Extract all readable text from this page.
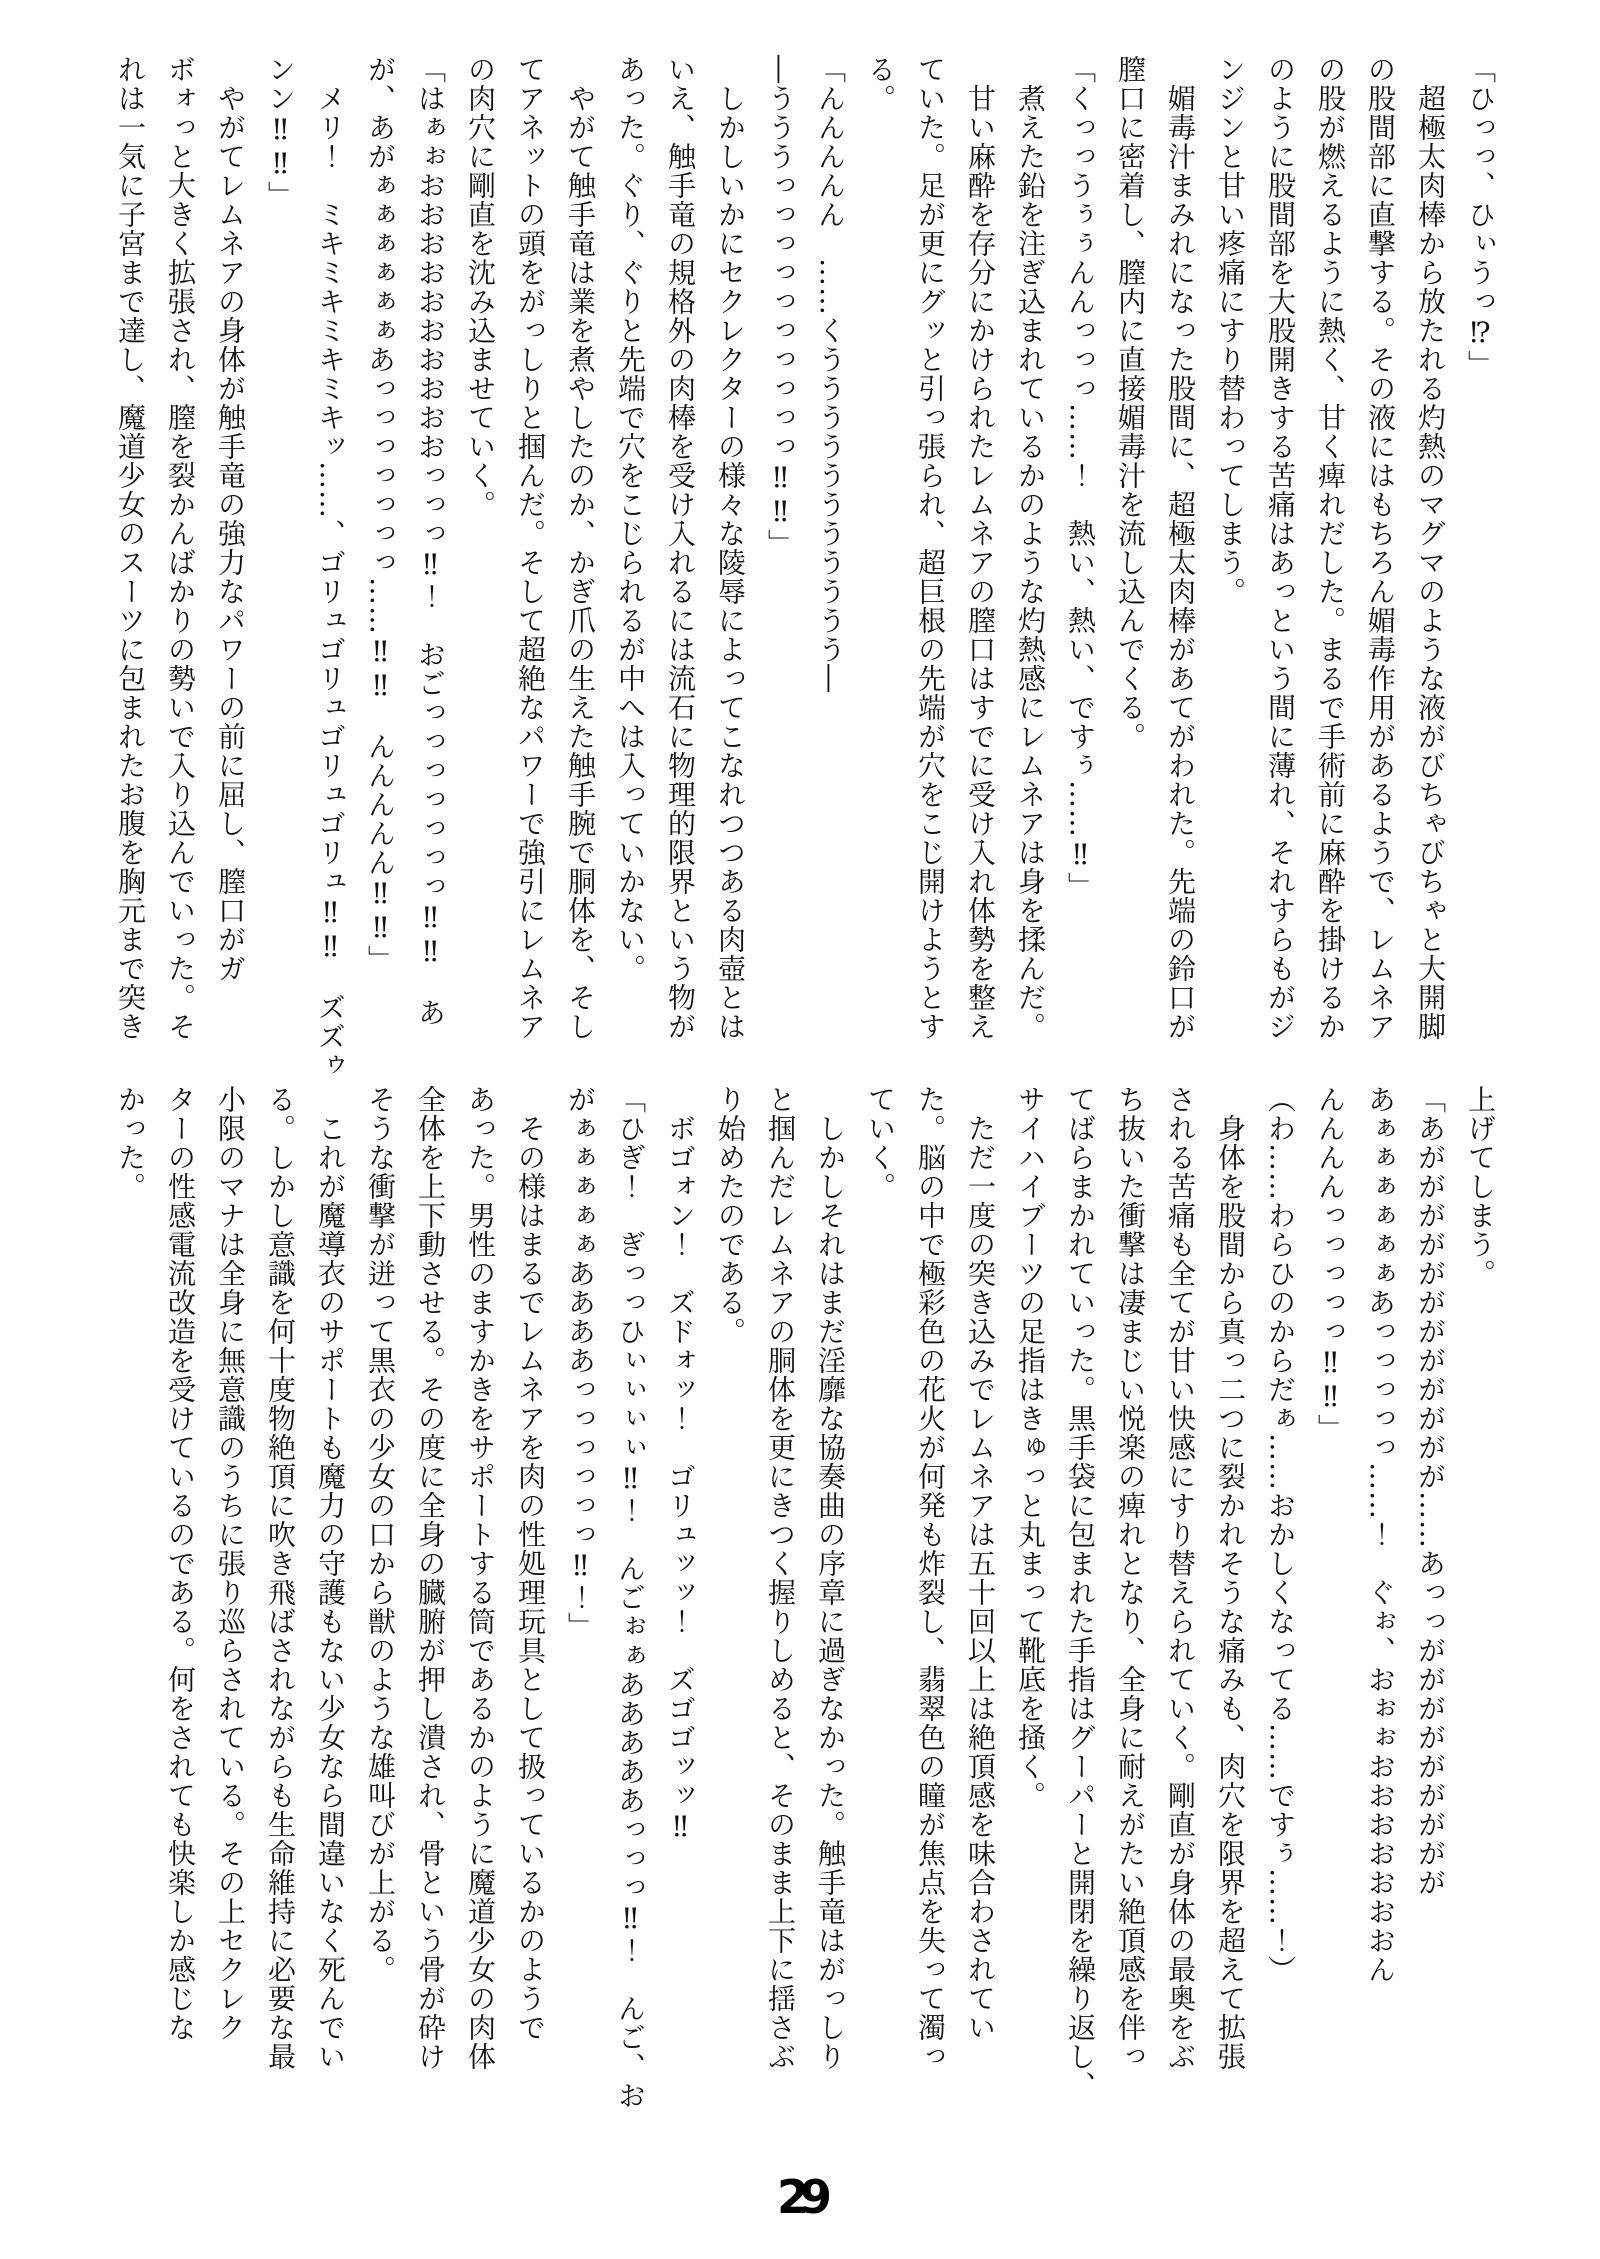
「ひっっ、ひぃうっ⁉」
　超極太肉棒から放たれる灼熱のマグマのような液がびちゃびちゃと大開脚
の股間部に直撃する。その液にはもちろん媚毒作用があるようで、レムネア
の股が燃えるように熱く、甘く痺れだした。まるで手術前に麻酔を掛けるか
のように股間部を大股開きする苦痛はあっという間に薄れ、それすらもがジ
ンジンと甘い疼痛にすり替わってしまう。
　媚毒汁まみれになった股間に、超極太肉棒があてがわれた。先端の鈴口が
膣口に密着し、膣内に直接媚毒汁を流し込んでくる。
「くっっうぅぅんんっっっ……！　熱い、熱い、ですぅ……‼」
　煮えた鉛を注ぎ込まれているかのような灼熱感にレムネアは身を揉んだ。
　甘い麻酔を存分にかけられたレムネアの膣口はすでに受け入れ体勢を整え
ていた。足が更にグッと引っ張られ、超巨根の先端が穴をこじ開けようとす
る。
「んんんんん　……くううううううううううう―
―うううっっっっっっっっっっ‼‼」
　しかしいかにセクレクターの様々な陵辱によってこなれつつある肉壺とは
いえ、触手竜の規格外の肉棒を受け入れるには流石に物理的限界という物が
あった。ぐり、ぐりと先端で穴をこじられるが中へは入っていかない。
　やがて触手竜は業を煮やしたのか、かぎ爪の生えた触手腕で胴体を、そし
てアネットの頭をがっしりと掴んだ。そして超絶なパワーで強引にレムネア
の肉穴に剛直を沈み込ませていく。
「はぁぉおおおおおおおおおおっっっ‼！　おごっっっっっっっ‼‼　あ
が、あがぁぁぁぁぁぁあっっっっっっっ……‼‼　んんんんん‼‼」
　メリ！　ミキミキミキミキッ……、ゴリュゴリュゴリュゴリュ‼‼　ズズゥ
ンン‼‼」
　やがてレムネアの身体が触手竜の強力なパワーの前に屈し、膣口がガ
ボォっと大きく拡張され、膣を裂かんばかりの勢いで入り込んでいった。そ
れは一気に子宮まで達し、魔道少女のスーツに包まれたお腹を胸元まで突き
上げてしまう。
「あがががががががががががが……あっっががががががががが
あぁぁぁぁぁぁあっっっっっ……！　ぐぉ、おぉぉおおおおおおおん
んんんんっっっっっ‼‼」
（わ……わらひのからだぁ……おかしくなってる……ですぅ……！）
　身体を股間から真っ二つに裂かれそうな痛みも、肉穴を限界を超えて拡張
される苦痛も全てが甘い快感にすり替えられていく。剛直が身体の最奥をぶ
ち抜いた衝撃は凄まじい悦楽の痺れとなり、全身に耐えがたい絶頂感を伴っ
てばらまかれていった。黒手袋に包まれた手指はグーパーと開閉を繰り返し、
サイハイブーツの足指はきゅっと丸まって靴底を掻く。
　ただ一度の突き込みでレムネアは五十回以上は絶頂感を味合わされてい
た。脳の中で極彩色の花火が何発も炸裂し、翡翠色の瞳が焦点を失って濁っ
ていく。
　しかしそれはまだ淫靡な協奏曲の序章に過ぎなかった。触手竜はがっしり
と掴んだレムネアの胴体を更にきつく握りしめると、そのまま上下に揺さぶ
り始めたのである。
　ボゴォン！　ズドォッ！　ゴリュッッ！　ズゴゴッッ‼
「ひぎ！　ぎっっひぃぃぃぃ‼！　んごぉぁあああああっっっ‼！　んご、お
がぁぁぁぁぁああああっっっっっっ‼！」
　その様はまるでレムネアを肉の性処理玩具として扱っているかのようで
あった。男性のますかきをサポートする筒であるかのように魔道少女の肉体
全体を上下動させる。その度に全身の臓腑が押し潰され、骨という骨が砕け
そうな衝撃が迸って黒衣の少女の口から獣のような雄叫びが上がる。
　これが魔導衣のサポートも魔力の守護もない少女なら間違いなく死んでい
る。しかし意識を何十度物絶頂に吹き飛ばされながらも生命維持に必要な最
小限のマナは全身に無意識のうちに張り巡らされている。その上セクレク
ターの性感電流改造を受けているのである。何をされても快楽しか感じな
かった。
29
